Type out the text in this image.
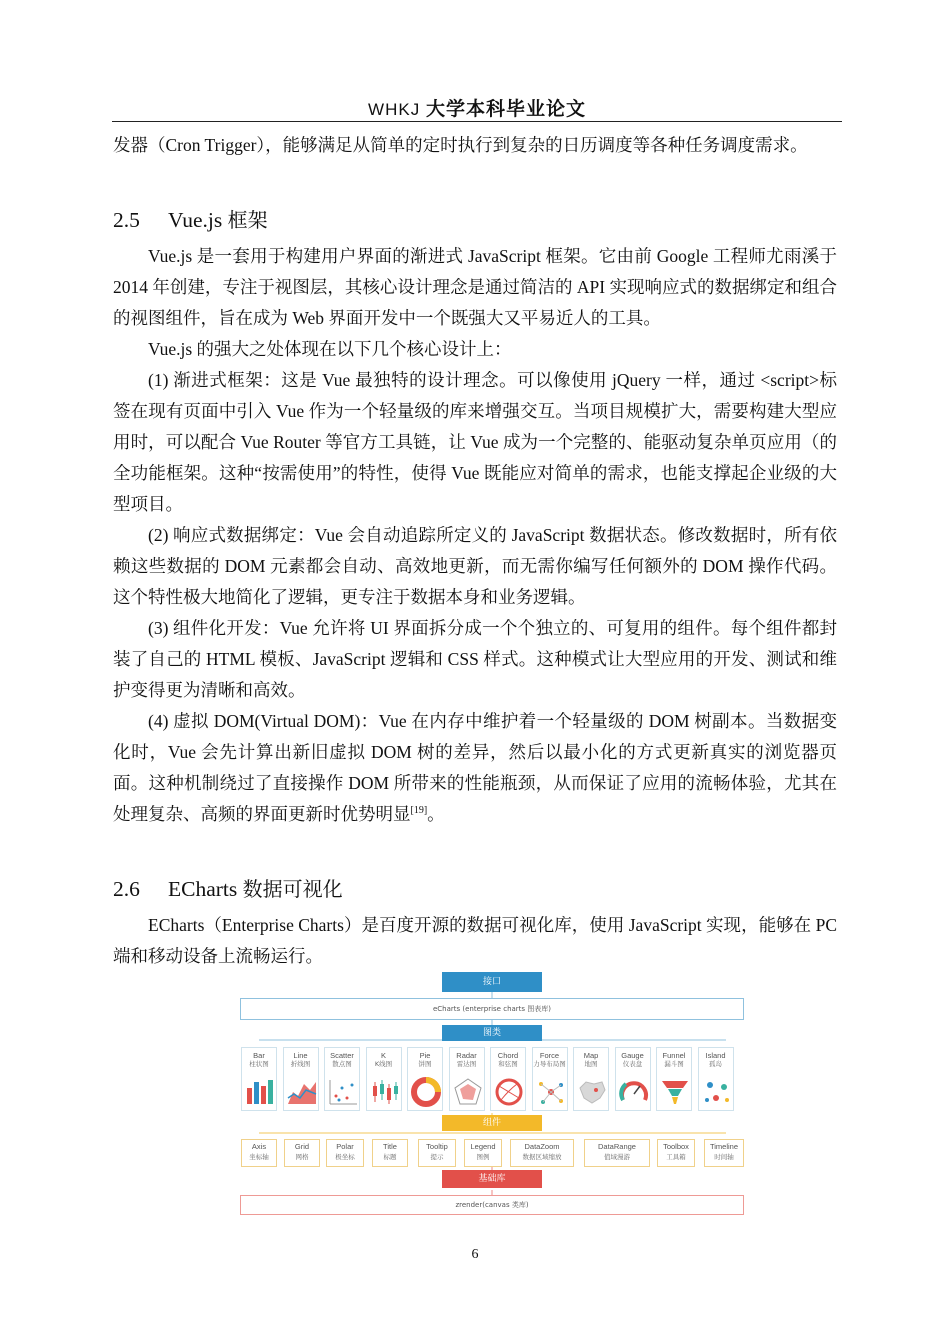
WHKJ 大学本科毕业论文

发器（Cron Trigger），能够满足从简单的定时执行到复杂的日历调度等各种任务调度需求。

2.5 Vue.js 框架

Vue.js 是一套用于构建用户界面的渐进式 JavaScript 框架。它由前 Google 工程师尤雨溪于 2014 年创建，专注于视图层，其核心设计理念是通过简洁的 API 实现响应式的数据绑定和组合的视图组件，旨在成为 Web 界面开发中一个既强大又平易近人的工具。

Vue.js 的强大之处体现在以下几个核心设计上：

(1) 渐进式框架：这是 Vue 最独特的设计理念。可以像使用 jQuery 一样，通过 <script>标签在现有页面中引入 Vue 作为一个轻量级的库来增强交互。当项目规模扩大，需要构建大型应用时，可以配合 Vue Router 等官方工具链，让 Vue 成为一个完整的、能驱动复杂单页应用（的全功能框架。这种“按需使用”的特性，使得 Vue 既能应对简单的需求，也能支撑起企业级的大型项目。

(2) 响应式数据绑定：Vue 会自动追踪所定义的 JavaScript 数据状态。修改数据时，所有依赖这些数据的 DOM 元素都会自动、高效地更新，而无需你编写任何额外的 DOM 操作代码。这个特性极大地简化了逻辑，更专注于数据本身和业务逻辑。

(3) 组件化开发：Vue 允许将 UI 界面拆分成一个个独立的、可复用的组件。每个组件都封装了自己的 HTML 模板、JavaScript 逻辑和 CSS 样式。这种模式让大型应用的开发、测试和维护变得更为清晰和高效。

(4) 虚拟 DOM(Virtual DOM)：Vue 在内存中维护着一个轻量级的 DOM 树副本。当数据变化时，Vue 会先计算出新旧虚拟 DOM 树的差异，然后以最小化的方式更新真实的浏览器页面。这种机制绕过了直接操作 DOM 所带来的性能瓶颈，从而保证了应用的流畅体验，尤其在处理复杂、高频的界面更新时优势明显[19]。

2.6 ECharts 数据可视化

ECharts（Enterprise Charts）是百度开源的数据可视化库，使用 JavaScript 实现，能够在 PC 端和移动设备上流畅运行。

接口
eCharts (enterprise charts 图表库)
图类
Bar
柱状图
Line
折线图
Scatter
散点图
K
K线图
Pie
饼图
Radar
雷达图
Chord
和弦图
Force
力导布局图
Map
地图
Gauge
仪表盘
Funnel
漏斗图
Island
孤岛
组件
Axis
坐标轴
Grid
网格
Polar
极坐标
Title
标题
Tooltip
提示
Legend
图例
DataZoom
数据区域缩放
DataRange
值域漫游
Toolbox
工具箱
Timeline
时间轴
基础库
zrender(canvas 类库)
6
